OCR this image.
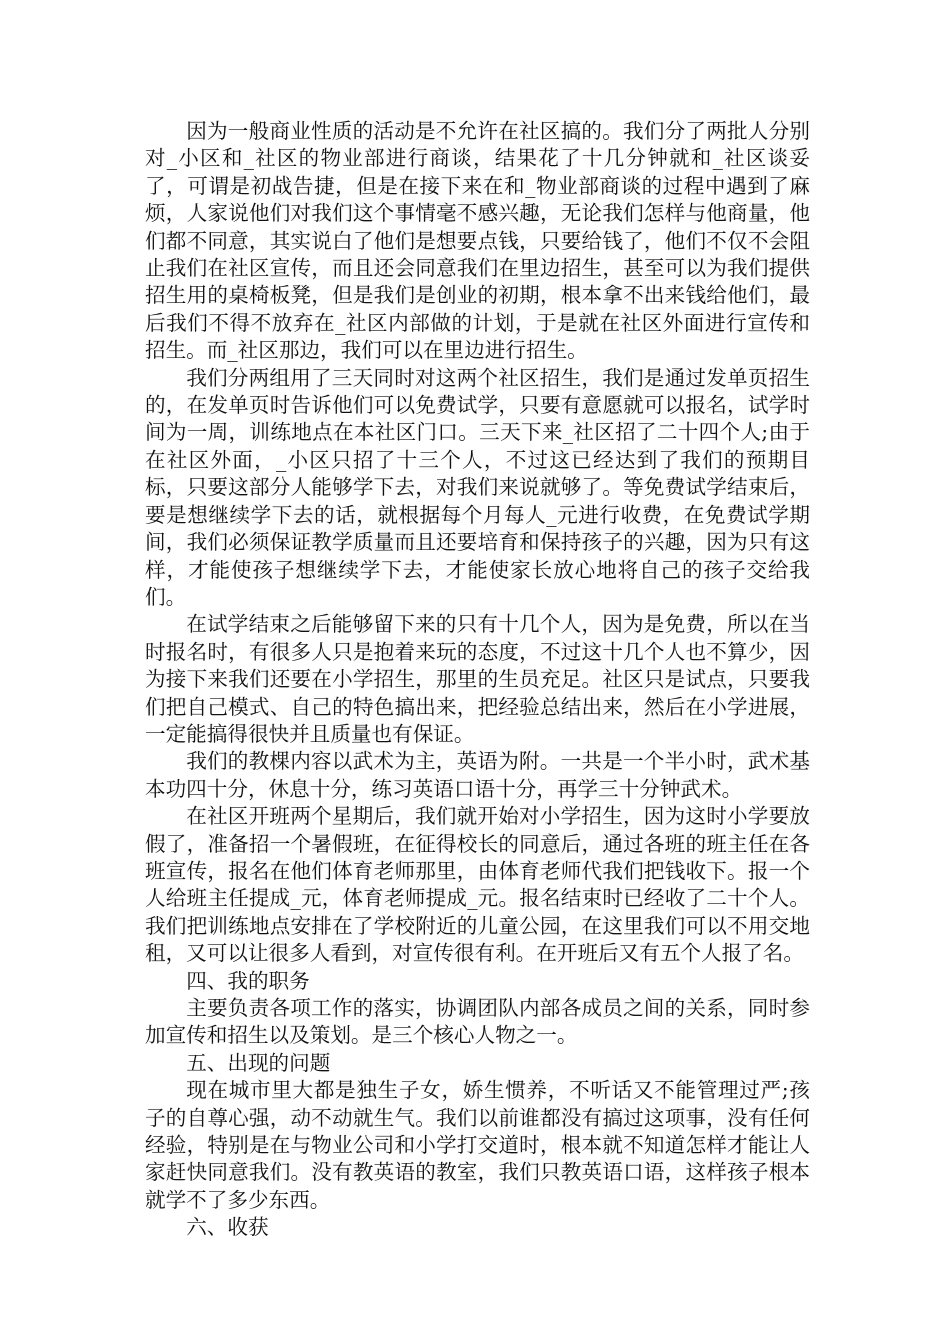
因为一般商业性质的活动是不允许在社区搞的。我们分了两批人分别对_小区和_社区的物业部进行商谈，结果花了十几分钟就和_社区谈妥了，可谓是初战告捷，但是在接下来在和_物业部商谈的过程中遇到了麻烦，人家说他们对我们这个事情毫不感兴趣，无论我们怎样与他商量，他们都不同意，其实说白了他们是想要点钱，只要给钱了，他们不仅不会阻止我们在社区宣传，而且还会同意我们在里边招生，甚至可以为我们提供招生用的桌椅板凳，但是我们是创业的初期，根本拿不出来钱给他们，最后我们不得不放弃在_社区内部做的计划，于是就在社区外面进行宣传和招生。而_社区那边，我们可以在里边进行招生。

我们分两组用了三天同时对这两个社区招生，我们是通过发单页招生的，在发单页时告诉他们可以免费试学，只要有意愿就可以报名，试学时间为一周，训练地点在本社区门口。三天下来_社区招了二十四个人;由于在社区外面，_小区只招了十三个人，不过这已经达到了我们的预期目标，只要这部分人能够学下去，对我们来说就够了。等免费试学结束后，要是想继续学下去的话，就根据每个月每人_元进行收费，在免费试学期间，我们必须保证教学质量而且还要培育和保持孩子的兴趣，因为只有这样，才能使孩子想继续学下去，才能使家长放心地将自己的孩子交给我们。

在试学结束之后能够留下来的只有十几个人，因为是免费，所以在当时报名时，有很多人只是抱着来玩的态度，不过这十几个人也不算少，因为接下来我们还要在小学招生，那里的生员充足。社区只是试点，只要我们把自己模式、自己的特色搞出来，把经验总结出来，然后在小学进展，一定能搞得很快并且质量也有保证。

我们的教棵内容以武术为主，英语为附。一共是一个半小时，武术基本功四十分，休息十分，练习英语口语十分，再学三十分钟武术。

在社区开班两个星期后，我们就开始对小学招生，因为这时小学要放假了，准备招一个暑假班，在征得校长的同意后，通过各班的班主任在各班宣传，报名在他们体育老师那里，由体育老师代我们把钱收下。报一个人给班主任提成_元，体育老师提成_元。报名结束时已经收了二十个人。我们把训练地点安排在了学校附近的儿童公园，在这里我们可以不用交地租，又可以让很多人看到，对宣传很有利。在开班后又有五个人报了名。

四、我的职务

主要负责各项工作的落实，协调团队内部各成员之间的关系，同时参加宣传和招生以及策划。是三个核心人物之一。

五、出现的问题

现在城市里大都是独生子女，娇生惯养，不听话又不能管理过严;孩子的自尊心强，动不动就生气。我们以前谁都没有搞过这项事，没有任何经验，特别是在与物业公司和小学打交道时，根本就不知道怎样才能让人家赶快同意我们。没有教英语的教室，我们只教英语口语，这样孩子根本就学不了多少东西。

六、收获
